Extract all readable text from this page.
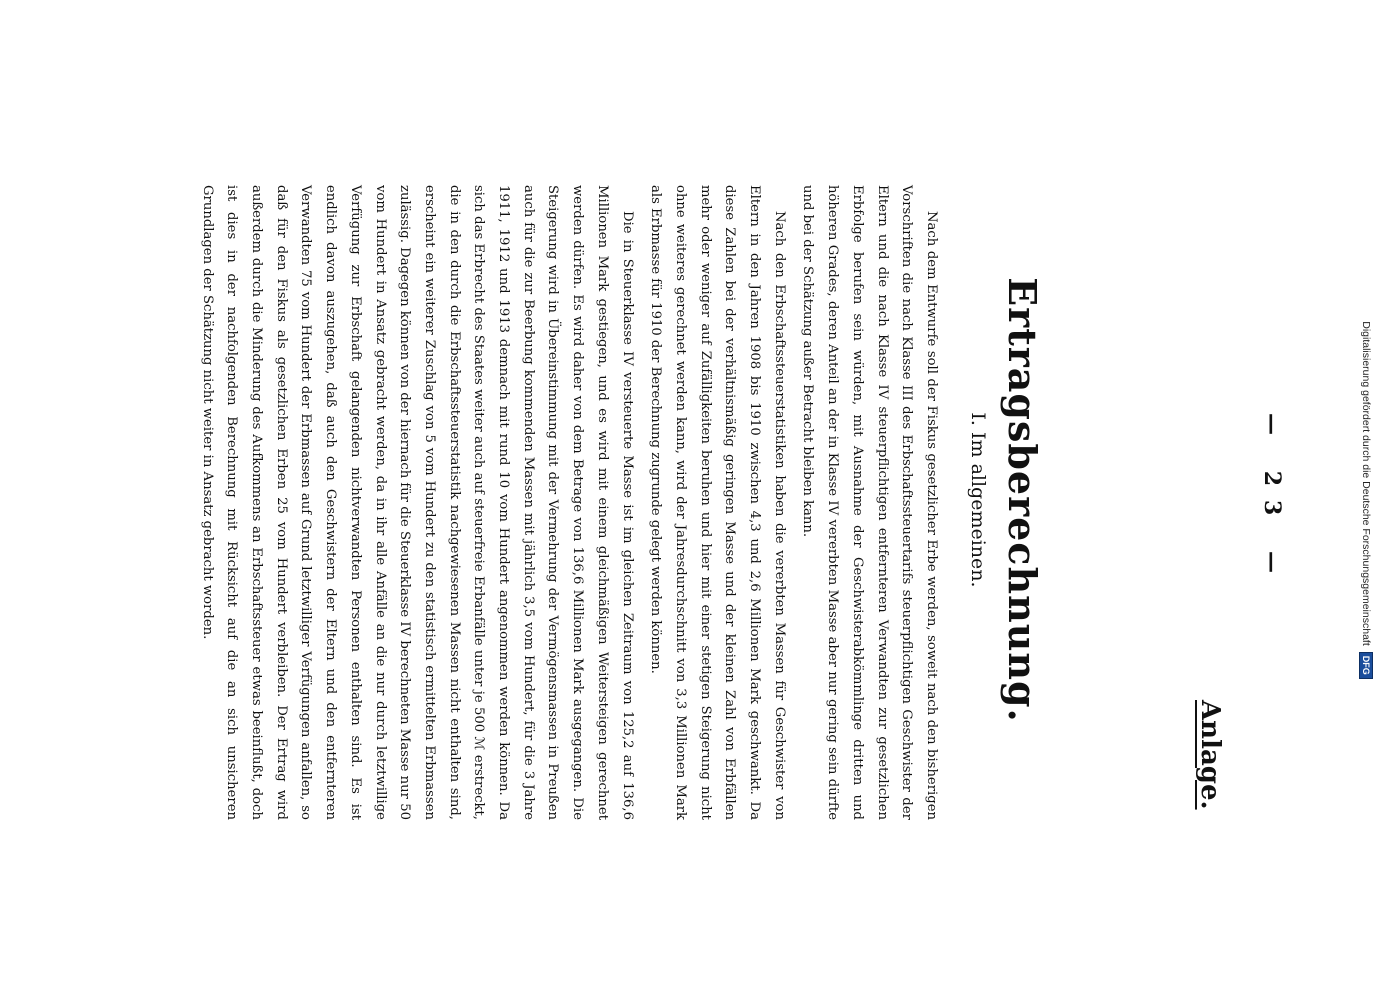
Digitalisierung gefördert durch die Deutsche Forschungsgemeinschaft
DFG
— 23 —
Anlage.
Ertragsberechnung.
I. Im allgemeinen.

Nach dem Entwurfe soll der Fiskus gesetzlicher Erbe werden, soweit nach den bisherigen Vorschriften die nach Klasse III des Erbschaftssteuertarifs steuerpflichtigen Geschwister der Eltern und die nach Klasse IV steuerpflichtigen entfernteren Verwandten zur gesetzlichen Erbfolge berufen sein würden, mit Ausnahme der Geschwisterabkömmlinge dritten und höheren Grades, deren Anteil an der in Klasse IV vererbten Masse aber nur gering sein dürfte und bei der Schätzung außer Betracht bleiben kann.

Nach den Erbschaftssteuerstatistiken haben die vererbten Massen für Geschwister von Eltern in den Jahren 1908 bis 1910 zwischen 4,3 und 2,6 Millionen Mark geschwankt. Da diese Zahlen bei der verhältnismäßig geringen Masse und der kleinen Zahl von Erbfällen mehr oder weniger auf Zufälligkeiten beruhen und hier mit einer stetigen Steigerung nicht ohne weiteres gerechnet werden kann, wird der Jahresdurchschnitt von 3,3 Millionen Mark als Erbmasse für 1910 der Berechnung zugrunde gelegt werden können.

Die in Steuerklasse IV versteuerte Masse ist im gleichen Zeitraum von 125,2 auf 136,6 Millionen Mark gestiegen, und es wird mit einem gleichmäßigen Weitersteigen gerechnet werden dürfen. Es wird daher von dem Betrage von 136,6 Millionen Mark ausgegangen. Die Steigerung wird in Übereinstimmung mit der Vermehrung der Vermögensmassen in Preußen auch für die zur Beerbung kommenden Massen mit jährlich 3,5 vom Hundert, für die 3 Jahre 1911, 1912 und 1913 demnach mit rund 10 vom Hundert angenommen werden können. Da sich das Erbrecht des Staates weiter auch auf steuerfreie Erbanfälle unter je 500 ℳ erstreckt, die in den durch die Erbschaftssteuerstatistik nachgewiesenen Massen nicht enthalten sind, erscheint ein weiterer Zuschlag von 5 vom Hundert zu den statistisch ermittelten Erbmassen zulässig. Dagegen können von der hiernach für die Steuerklasse IV berechneten Masse nur 50 vom Hundert in Ansatz gebracht werden, da in ihr alle Anfälle an die nur durch letztwillige Verfügung zur Erbschaft gelangenden nichtverwandten Personen enthalten sind. Es ist endlich davon auszugehen, daß auch den Geschwistern der Eltern und den entfernteren Verwandten 75 vom Hundert der Erbmassen auf Grund letztwilliger Verfügungen anfallen, so daß für den Fiskus als gesetzlichen Erben 25 vom Hundert verbleiben. Der Ertrag wird außerdem durch die Minderung des Aufkommens an Erbschaftssteuer etwas beeinflußt, doch ist dies in der nachfolgenden Berechnung mit Rücksicht auf die an sich unsicheren Grundlagen der Schätzung nicht weiter in Ansatz gebracht worden.
